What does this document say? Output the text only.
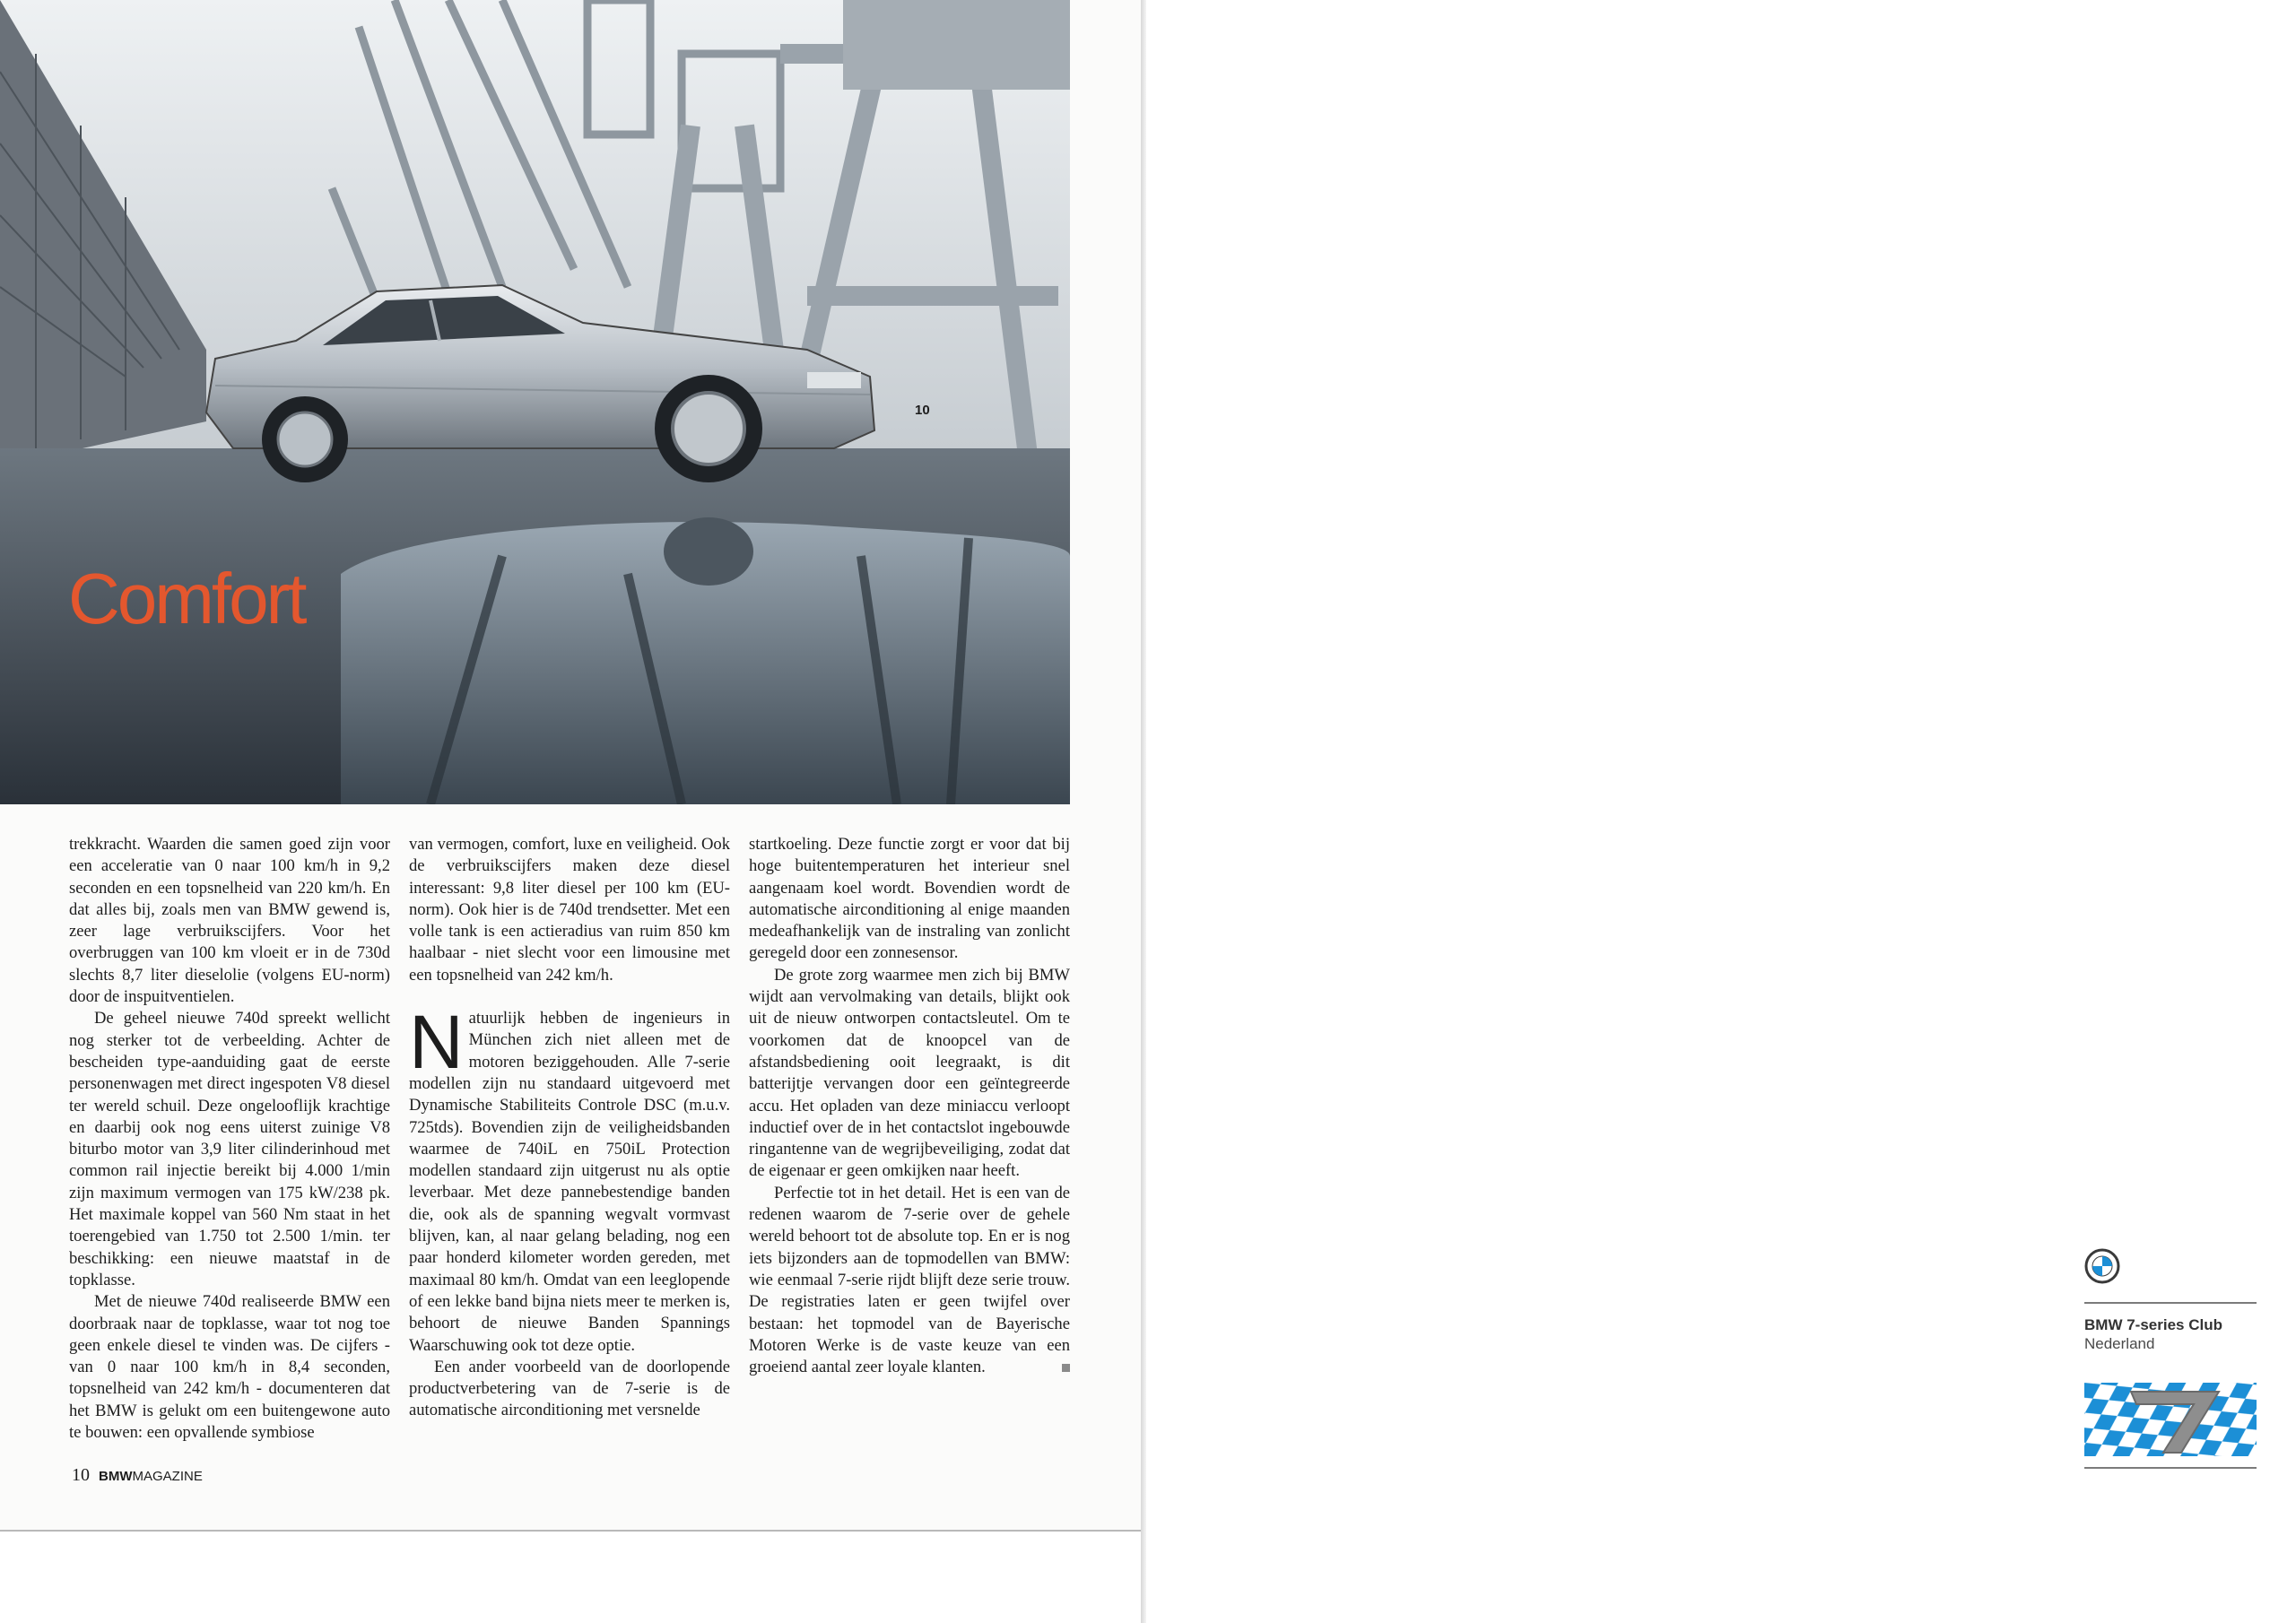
10
Comfort

trekkracht. Waarden die samen goed zijn voor een acceleratie van 0 naar 100 km/h in 9,2 seconden en een topsnelheid van 220 km/h. En dat alles bij, zoals men van BMW gewend is, zeer lage verbruikscijfers. Voor het overbruggen van 100 km vloeit er in de 730d slechts 8,7 liter dieselolie (volgens EU-norm) door de inspuitventielen.

De geheel nieuwe 740d spreekt wellicht nog sterker tot de verbeelding. Achter de bescheiden type-aanduiding gaat de eerste personenwagen met direct ingespoten V8 diesel ter wereld schuil. Deze ongelooflijk krachtige en daarbij ook nog eens uiterst zuinige V8 biturbo motor van 3,9 liter cilinderinhoud met common rail injectie bereikt bij 4.000 1/min zijn maximum vermogen van 175 kW/238 pk. Het maximale koppel van 560 Nm staat in het toerengebied van 1.750 tot 2.500 1/min. ter beschikking: een nieuwe maatstaf in de topklasse.

Met de nieuwe 740d realiseerde BMW een doorbraak naar de topklasse, waar tot nog toe geen enkele diesel te vinden was. De cijfers - van 0 naar 100 km/h in 8,4 seconden, topsnelheid van 242 km/h - documenteren dat het BMW is gelukt om een buitengewone auto te bouwen: een opvallende symbiose

van vermogen, comfort, luxe en veiligheid. Ook de verbruikscijfers maken deze diesel interessant: 9,8 liter diesel per 100 km (EU-norm). Ook hier is de 740d trendsetter. Met een volle tank is een actieradius van ruim 850 km haalbaar - niet slecht voor een limousine met een topsnelheid van 242 km/h.

Natuurlijk hebben de ingenieurs in München zich niet alleen met de motoren beziggehouden. Alle 7-serie modellen zijn nu standaard uitgevoerd met Dynamische Stabiliteits Controle DSC (m.u.v. 725tds). Bovendien zijn de veiligheidsbanden waarmee de 740iL en 750iL Protection modellen standaard zijn uitgerust nu als optie leverbaar. Met deze pannebestendige banden die, ook als de spanning wegvalt vormvast blijven, kan, al naar gelang belading, nog een paar honderd kilometer worden gereden, met maximaal 80 km/h. Omdat van een leeglopende of een lekke band bijna niets meer te merken is, behoort de nieuwe Banden Spannings Waarschuwing ook tot deze optie.

Een ander voorbeeld van de doorlopende productverbetering van de 7-serie is de automatische airconditioning met versnelde

startkoeling. Deze functie zorgt er voor dat bij hoge buitentemperaturen het interieur snel aangenaam koel wordt. Bovendien wordt de automatische airconditioning al enige maanden medeafhankelijk van de instraling van zonlicht geregeld door een zonnesensor.

De grote zorg waarmee men zich bij BMW wijdt aan vervolmaking van details, blijkt ook uit de nieuw ontworpen contactsleutel. Om te voorkomen dat de knoopcel van de afstandsbediening ooit leegraakt, is dit batterijtje vervangen door een geïntegreerde accu. Het opladen van deze miniaccu verloopt inductief over de in het contactslot ingebouwde ringantenne van de wegrijbeveiliging, zodat dat de eigenaar er geen omkijken naar heeft.

Perfectie tot in het detail. Het is een van de redenen waarom de 7-serie over de gehele wereld behoort tot de absolute top. En er is nog iets bijzonders aan de topmodellen van BMW: wie eenmaal 7-serie rijdt blijft deze serie trouw. De registraties laten er geen twijfel over bestaan: het topmodel van de Bayerische Motoren Werke is de vaste keuze van een groeiend aantal zeer loyale klanten.

10 BMWMAGAZINE
BMW 7-series Club
Nederland
